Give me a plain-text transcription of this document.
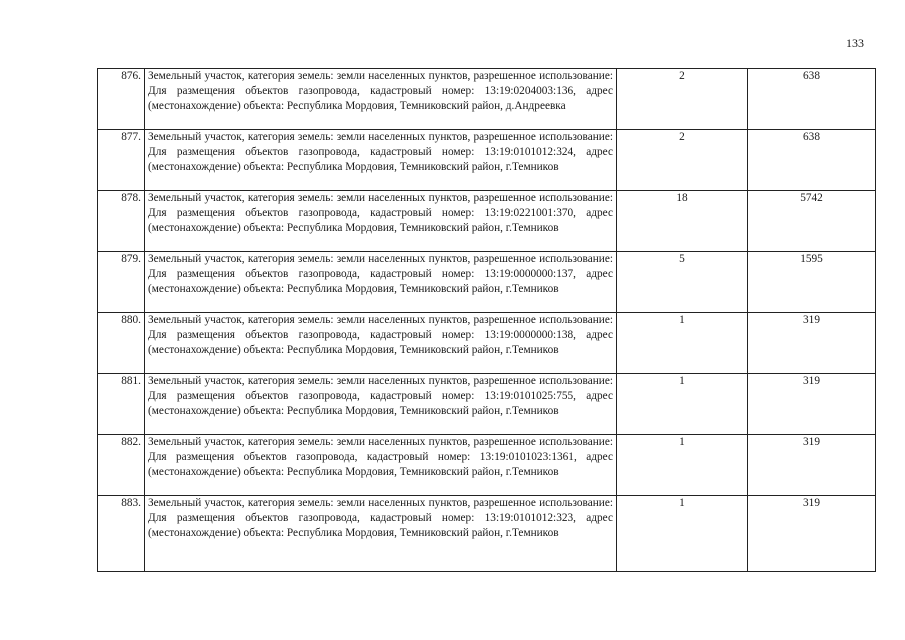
133
876.	Земельный участок, категория земель: земли населенных пунктов, разрешенное использование: Для размещения объектов газопровода, кадастровый номер: 13:19:0204003:136, адрес (местонахождение) объекта: Республика Мордовия, Темниковский район, д.Андреевка	2	638
877.	Земельный участок, категория земель: земли населенных пунктов, разрешенное использование: Для размещения объектов газопровода, кадастровый номер: 13:19:0101012:324, адрес (местонахождение) объекта: Республика Мордовия, Темниковский район, г.Темников	2	638
878.	Земельный участок, категория земель: земли населенных пунктов, разрешенное использование: Для размещения объектов газопровода, кадастровый номер: 13:19:0221001:370, адрес (местонахождение) объекта: Республика Мордовия, Темниковский район, г.Темников	18	5742
879.	Земельный участок, категория земель: земли населенных пунктов, разрешенное использование: Для размещения объектов газопровода, кадастровый номер: 13:19:0000000:137, адрес (местонахождение) объекта: Республика Мордовия, Темниковский район, г.Темников	5	1595
880.	Земельный участок, категория земель: земли населенных пунктов, разрешенное использование: Для размещения объектов газопровода, кадастровый номер: 13:19:0000000:138, адрес (местонахождение) объекта: Республика Мордовия, Темниковский район, г.Темников	1	319
881.	Земельный участок, категория земель: земли населенных пунктов, разрешенное использование: Для размещения объектов газопровода, кадастровый номер: 13:19:0101025:755, адрес (местонахождение) объекта: Республика Мордовия, Темниковский район, г.Темников	1	319
882.	Земельный участок, категория земель: земли населенных пунктов, разрешенное использование: Для размещения объектов газопровода, кадастровый номер: 13:19:0101023:1361, адрес (местонахождение) объекта: Республика Мордовия, Темниковский район, г.Темников	1	319
883.	Земельный участок, категория земель: земли населенных пунктов, разрешенное использование: Для размещения объектов газопровода, кадастровый номер: 13:19:0101012:323, адрес (местонахождение) объекта: Республика Мордовия, Темниковский район, г.Темников	1	319
